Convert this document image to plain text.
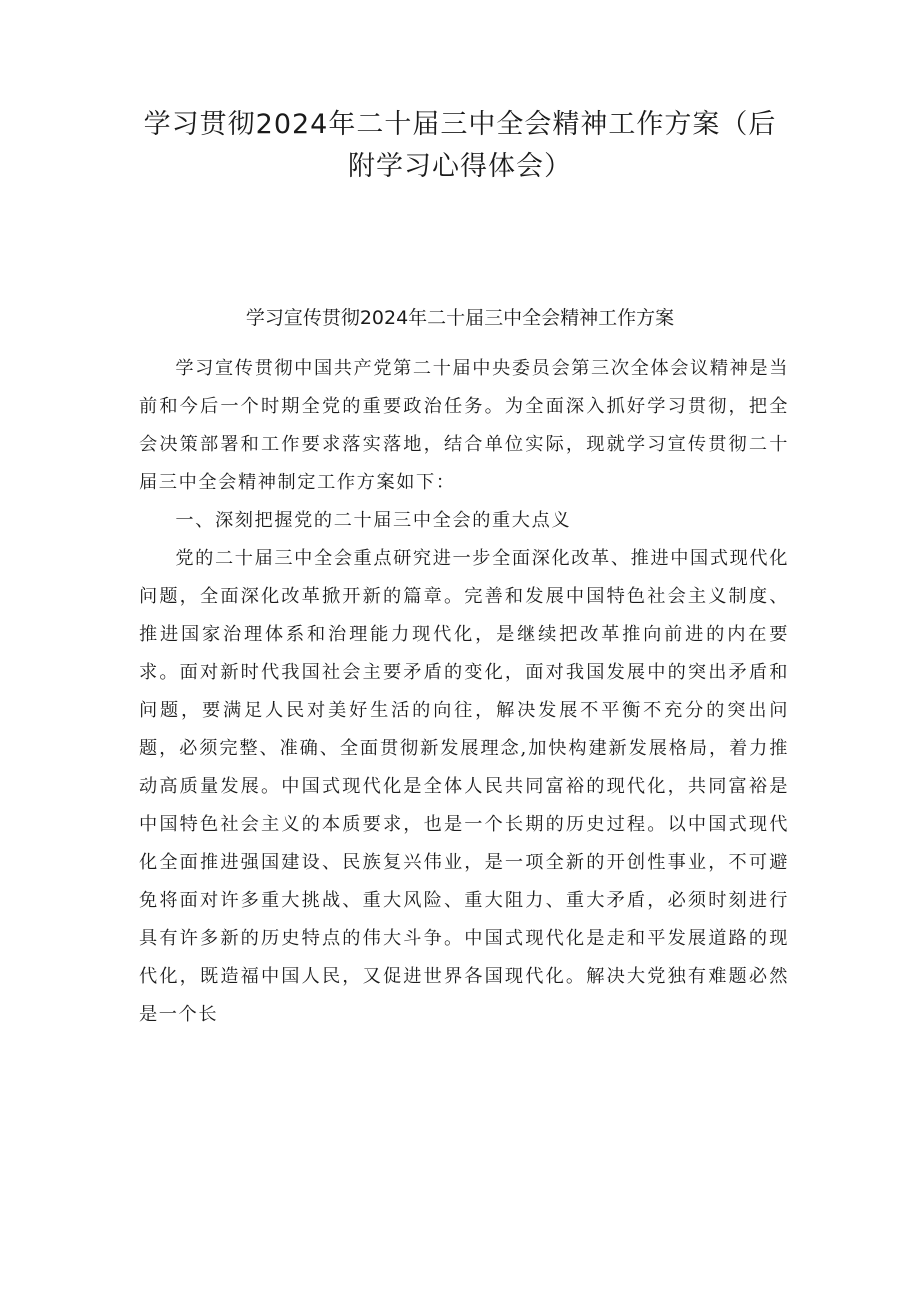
学习贯彻2024年二十届三中全会精神工作方案（后附学习心得体会）
学习宣传贯彻2024年二十届三中全会精神工作方案

学习宣传贯彻中国共产党第二十届中央委员会第三次全体会议精神是当前和今后一个时期全党的重要政治任务。为全面深入抓好学习贯彻，把全会决策部署和工作要求落实落地，结合单位实际，现就学习宣传贯彻二十届三中全会精神制定工作方案如下：

一、深刻把握党的二十届三中全会的重大点义

党的二十届三中全会重点研究进一步全面深化改革、推进中国式现代化问题，全面深化改革掀开新的篇章。完善和发展中国特色社会主义制度、推进国家治理体系和治理能力现代化，是继续把改革推向前进的内在要求。面对新时代我国社会主要矛盾的变化，面对我国发展中的突出矛盾和问题，要满足人民对美好生活的向往，解决发展不平衡不充分的突出问题，必须完整、准确、全面贯彻新发展理念,加快构建新发展格局，着力推动高质量发展。中国式现代化是全体人民共同富裕的现代化，共同富裕是中国特色社会主义的本质要求，也是一个长期的历史过程。以中国式现代化全面推进强国建设、民族复兴伟业，是一项全新的开创性事业，不可避免将面对许多重大挑战、重大风险、重大阻力、重大矛盾，必须时刻进行具有许多新的历史特点的伟大斗争。中国式现代化是走和平发展道路的现代化，既造福中国人民，又促进世界各国现代化。解决大党独有难题必然是一个长
